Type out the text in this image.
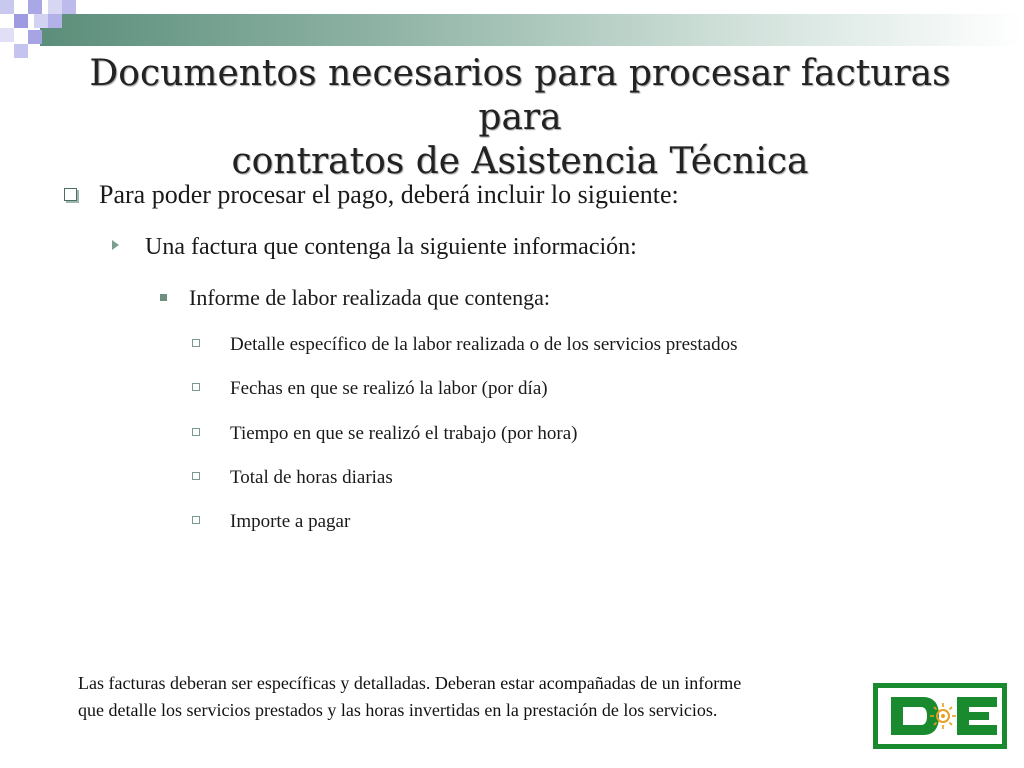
Documentos necesarios para procesar facturas para
contratos de Asistencia Técnica
Para poder procesar el pago, deberá incluir lo siguiente:
Una factura que contenga la siguiente información:
Informe de labor realizada que contenga:
Detalle específico de la labor realizada o de los servicios prestados
Fechas en que se realizó la labor (por día)
Tiempo en que se realizó el trabajo (por hora)
Total de horas diarias
Importe a pagar
Las facturas deberan ser específicas y detalladas. Deberan estar acompañadas de un informe
que detalle los servicios prestados y las horas invertidas en la prestación de los servicios.
